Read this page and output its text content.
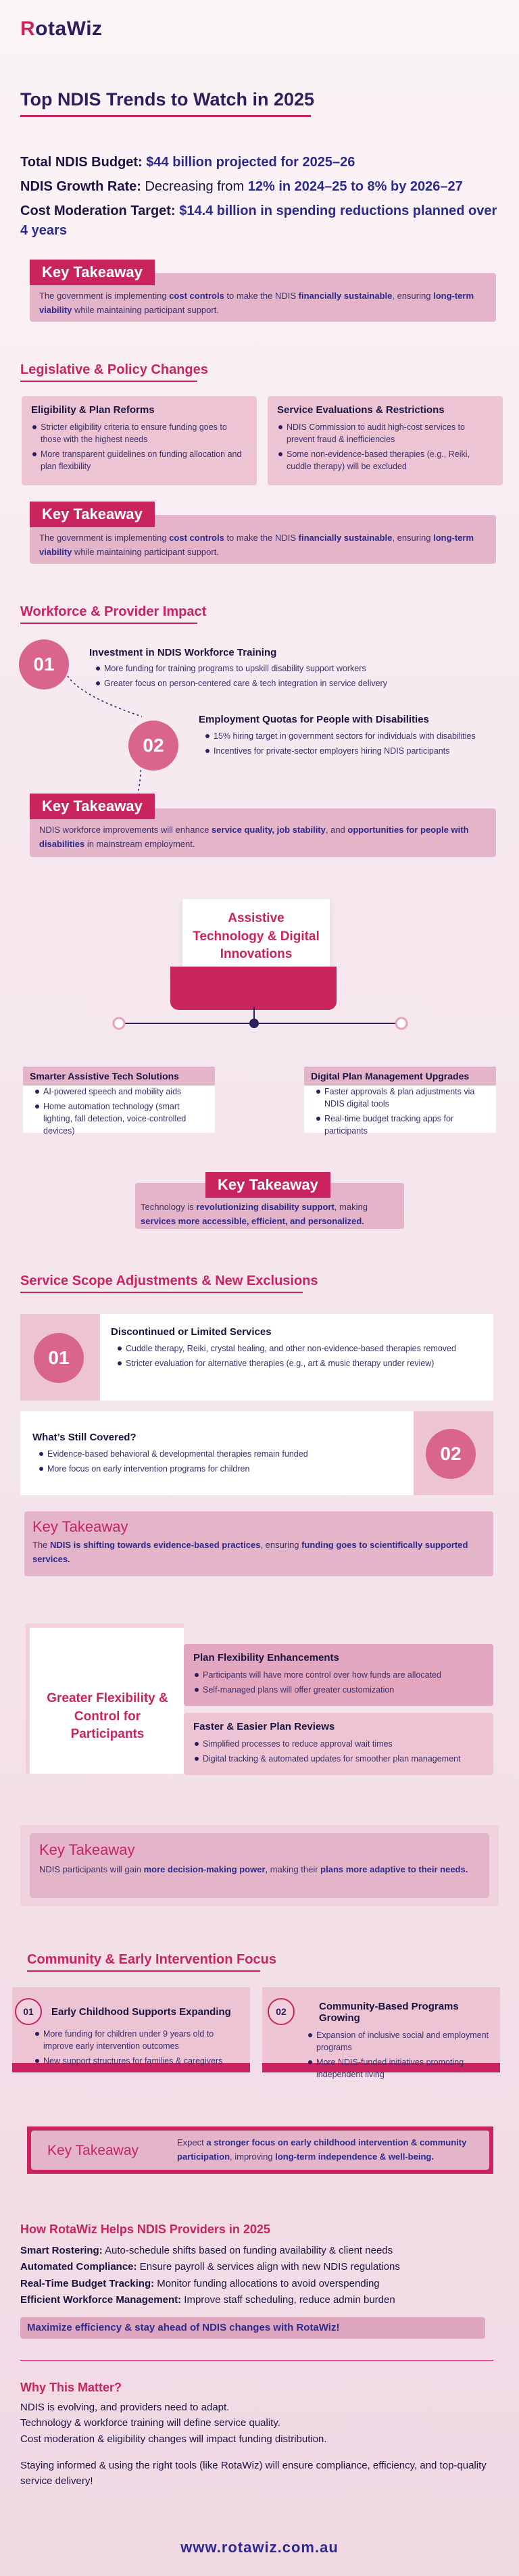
RotaWiz
Top NDIS Trends to Watch in 2025
Total NDIS Budget: $44 billion projected for 2025–26
NDIS Growth Rate: Decreasing from 12% in 2024–25 to 8% by 2026–27
Cost Moderation Target: $14.4 billion in spending reductions planned over 4 years
Key Takeaway
The government is implementing cost controls to make the NDIS financially sustainable, ensuring long-term viability while maintaining participant support.
Legislative & Policy Changes
Eligibility & Plan Reforms
Stricter eligibility criteria to ensure funding goes to those with the highest needs
More transparent guidelines on funding allocation and plan flexibility
Service Evaluations & Restrictions
NDIS Commission to audit high-cost services to prevent fraud & inefficiencies
Some non-evidence-based therapies (e.g., Reiki, cuddle therapy) will be excluded
Key Takeaway
The government is implementing cost controls to make the NDIS financially sustainable, ensuring long-term viability while maintaining participant support.
Workforce & Provider Impact
01
Investment in NDIS Workforce Training
More funding for training programs to upskill disability support workers
Greater focus on person-centered care & tech integration in service delivery
02
Employment Quotas for People with Disabilities
15% hiring target in government sectors for individuals with disabilities
Incentives for private-sector employers hiring NDIS participants
Key Takeaway
NDIS workforce improvements will enhance service quality, job stability, and opportunities for people with disabilities in mainstream employment.
Assistive Technology & Digital Innovations
AI-powered speech and mobility aids
Home automation technology (smart lighting, fall detection, voice-controlled devices)
Smarter Assistive Tech Solutions
Faster approvals & plan adjustments via NDIS digital tools
Real-time budget tracking apps for participants
Digital Plan Management Upgrades
Key Takeaway
Technology is revolutionizing disability support, making services more accessible, efficient, and personalized.
Service Scope Adjustments & New Exclusions
01
Discontinued or Limited Services
Cuddle therapy, Reiki, crystal healing, and other non-evidence-based therapies removed
Stricter evaluation for alternative therapies (e.g., art & music therapy under review)
02
What’s Still Covered?
Evidence-based behavioral & developmental therapies remain funded
More focus on early intervention programs for children
Key Takeaway
The NDIS is shifting towards evidence-based practices, ensuring funding goes to scientifically supported services.
Greater Flexibility & Control for Participants
Plan Flexibility Enhancements
Participants will have more control over how funds are allocated
Self-managed plans will offer greater customization
Faster & Easier Plan Reviews
Simplified processes to reduce approval wait times
Digital tracking & automated updates for smoother plan management
Key Takeaway
NDIS participants will gain more decision-making power, making their plans more adaptive to their needs.
Community & Early Intervention Focus
01	Early Childhood Supports Expanding
More funding for children under 9 years old to improve early intervention outcomes
New support structures for families & caregivers
02	Community-Based Programs Growing
Expansion of inclusive social and employment programs
More NDIS-funded initiatives promoting independent living
Key Takeaway
Expect a stronger focus on early childhood intervention & community participation, improving long-term independence & well-being.
How RotaWiz Helps NDIS Providers in 2025
Smart Rostering: Auto-schedule shifts based on funding availability & client needs
Automated Compliance: Ensure payroll & services align with new NDIS regulations
Real-Time Budget Tracking: Monitor funding allocations to avoid overspending
Efficient Workforce Management: Improve staff scheduling, reduce admin burden
Maximize efficiency & stay ahead of NDIS changes with RotaWiz!
Why This Matter?
NDIS is evolving, and providers need to adapt.
Technology & workforce training will define service quality.
Cost moderation & eligibility changes will impact funding distribution.
Staying informed & using the right tools (like RotaWiz) will ensure compliance, efficiency, and top-quality service delivery!
www.rotawiz.com.au
